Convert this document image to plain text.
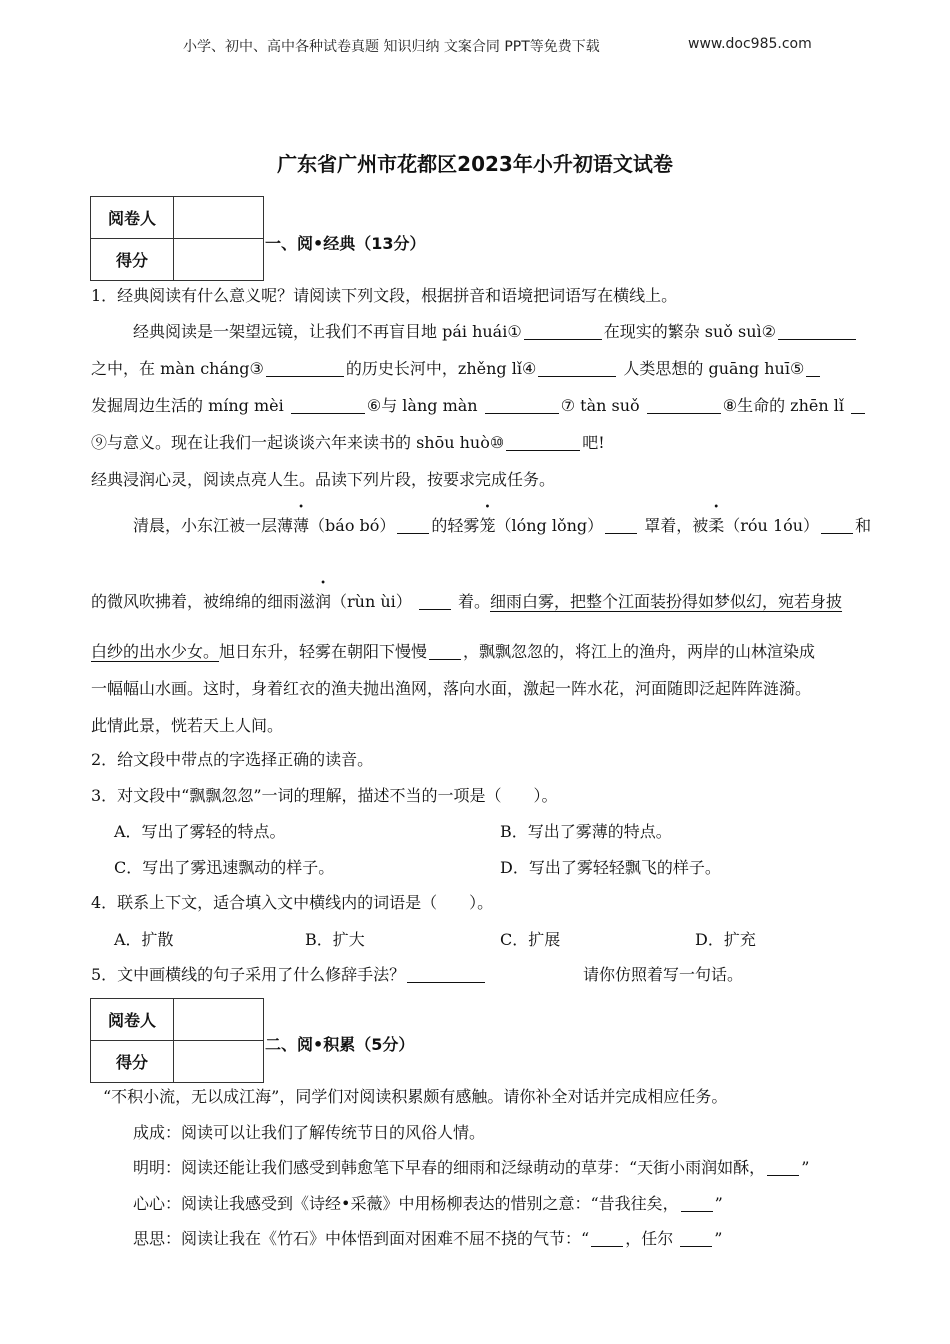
小学、初中、高中各种试卷真题 知识归纳 文案合同 PPT等免费下载	www.doc985.com
广东省广州市花都区2023年小升初语文试卷
阅卷人	
得分	
一、阅•经典（13分）
1．经典阅读有什么意义呢？请阅读下列文段，根据拼音和语境把词语写在横线上。
经典阅读是一架望远镜，让我们不再盲目地 pái huái①	在现实的繁杂 suǒ suì②
之中，在 màn cháng③	的历史长河中，zhěng lǐ④	人类思想的 guāng huī⑤
发掘周边生活的 míng mèi	⑥与 làng màn	⑦ tàn suǒ	⑧生命的 zhēn lǐ
⑨与意义。现在让我们一起谈谈六年来读书的 shōu huò⑩	吧!
经典浸润心灵，阅读点亮人生。品读下列片段，按要求完成任务。
清晨，小东江被一层薄薄（báo bó） 的轻雾笼（lóng lǒng）	罩着，被柔（róu 1óu） 和
的微风吹拂着，被绵绵的细雨滋润（rùn ùi）	着。细雨白雾，把整个江面装扮得如梦似幻，宛若身披
白纱的出水少女。旭日东升，轻雾在朝阳下慢慢 ，飘飘忽忽的，将江上的渔舟，两岸的山林渲染成
一幅幅山水画。这时，身着红衣的渔夫抛出渔网，落向水面，激起一阵水花，河面随即泛起阵阵涟漪。
此情此景，恍若天上人间。
2．给文段中带点的字选择正确的读音。
3．对文段中“飘飘忽忽”一词的理解，描述不当的一项是（　　）。
A．写出了雾轻的特点。	B．写出了雾薄的特点。
C．写出了雾迅速飘动的样子。	D．写出了雾轻轻飘飞的样子。
4．联系上下文，适合填入文中横线内的词语是（　　）。
A．扩散	B．扩大	C．扩展	D．扩充
5．文中画横线的句子采用了什么修辞手法？	请你仿照着写一句话。
阅卷人	
得分	
二、阅•积累（5分）
“不积小流，无以成江海”，同学们对阅读积累颇有感触。请你补全对话并完成相应任务。
成成：阅读可以让我们了解传统节日的风俗人情。
明明：阅读还能让我们感受到韩愈笔下早春的细雨和泛绿萌动的草芽：“天街小雨润如酥， ”
心心：阅读让我感受到《诗经•采薇》中用杨柳表达的惜别之意：“昔我往矣， ”
思思：阅读让我在《竹石》中体悟到面对困难不屈不挠的气节：“ ，任尔	”
